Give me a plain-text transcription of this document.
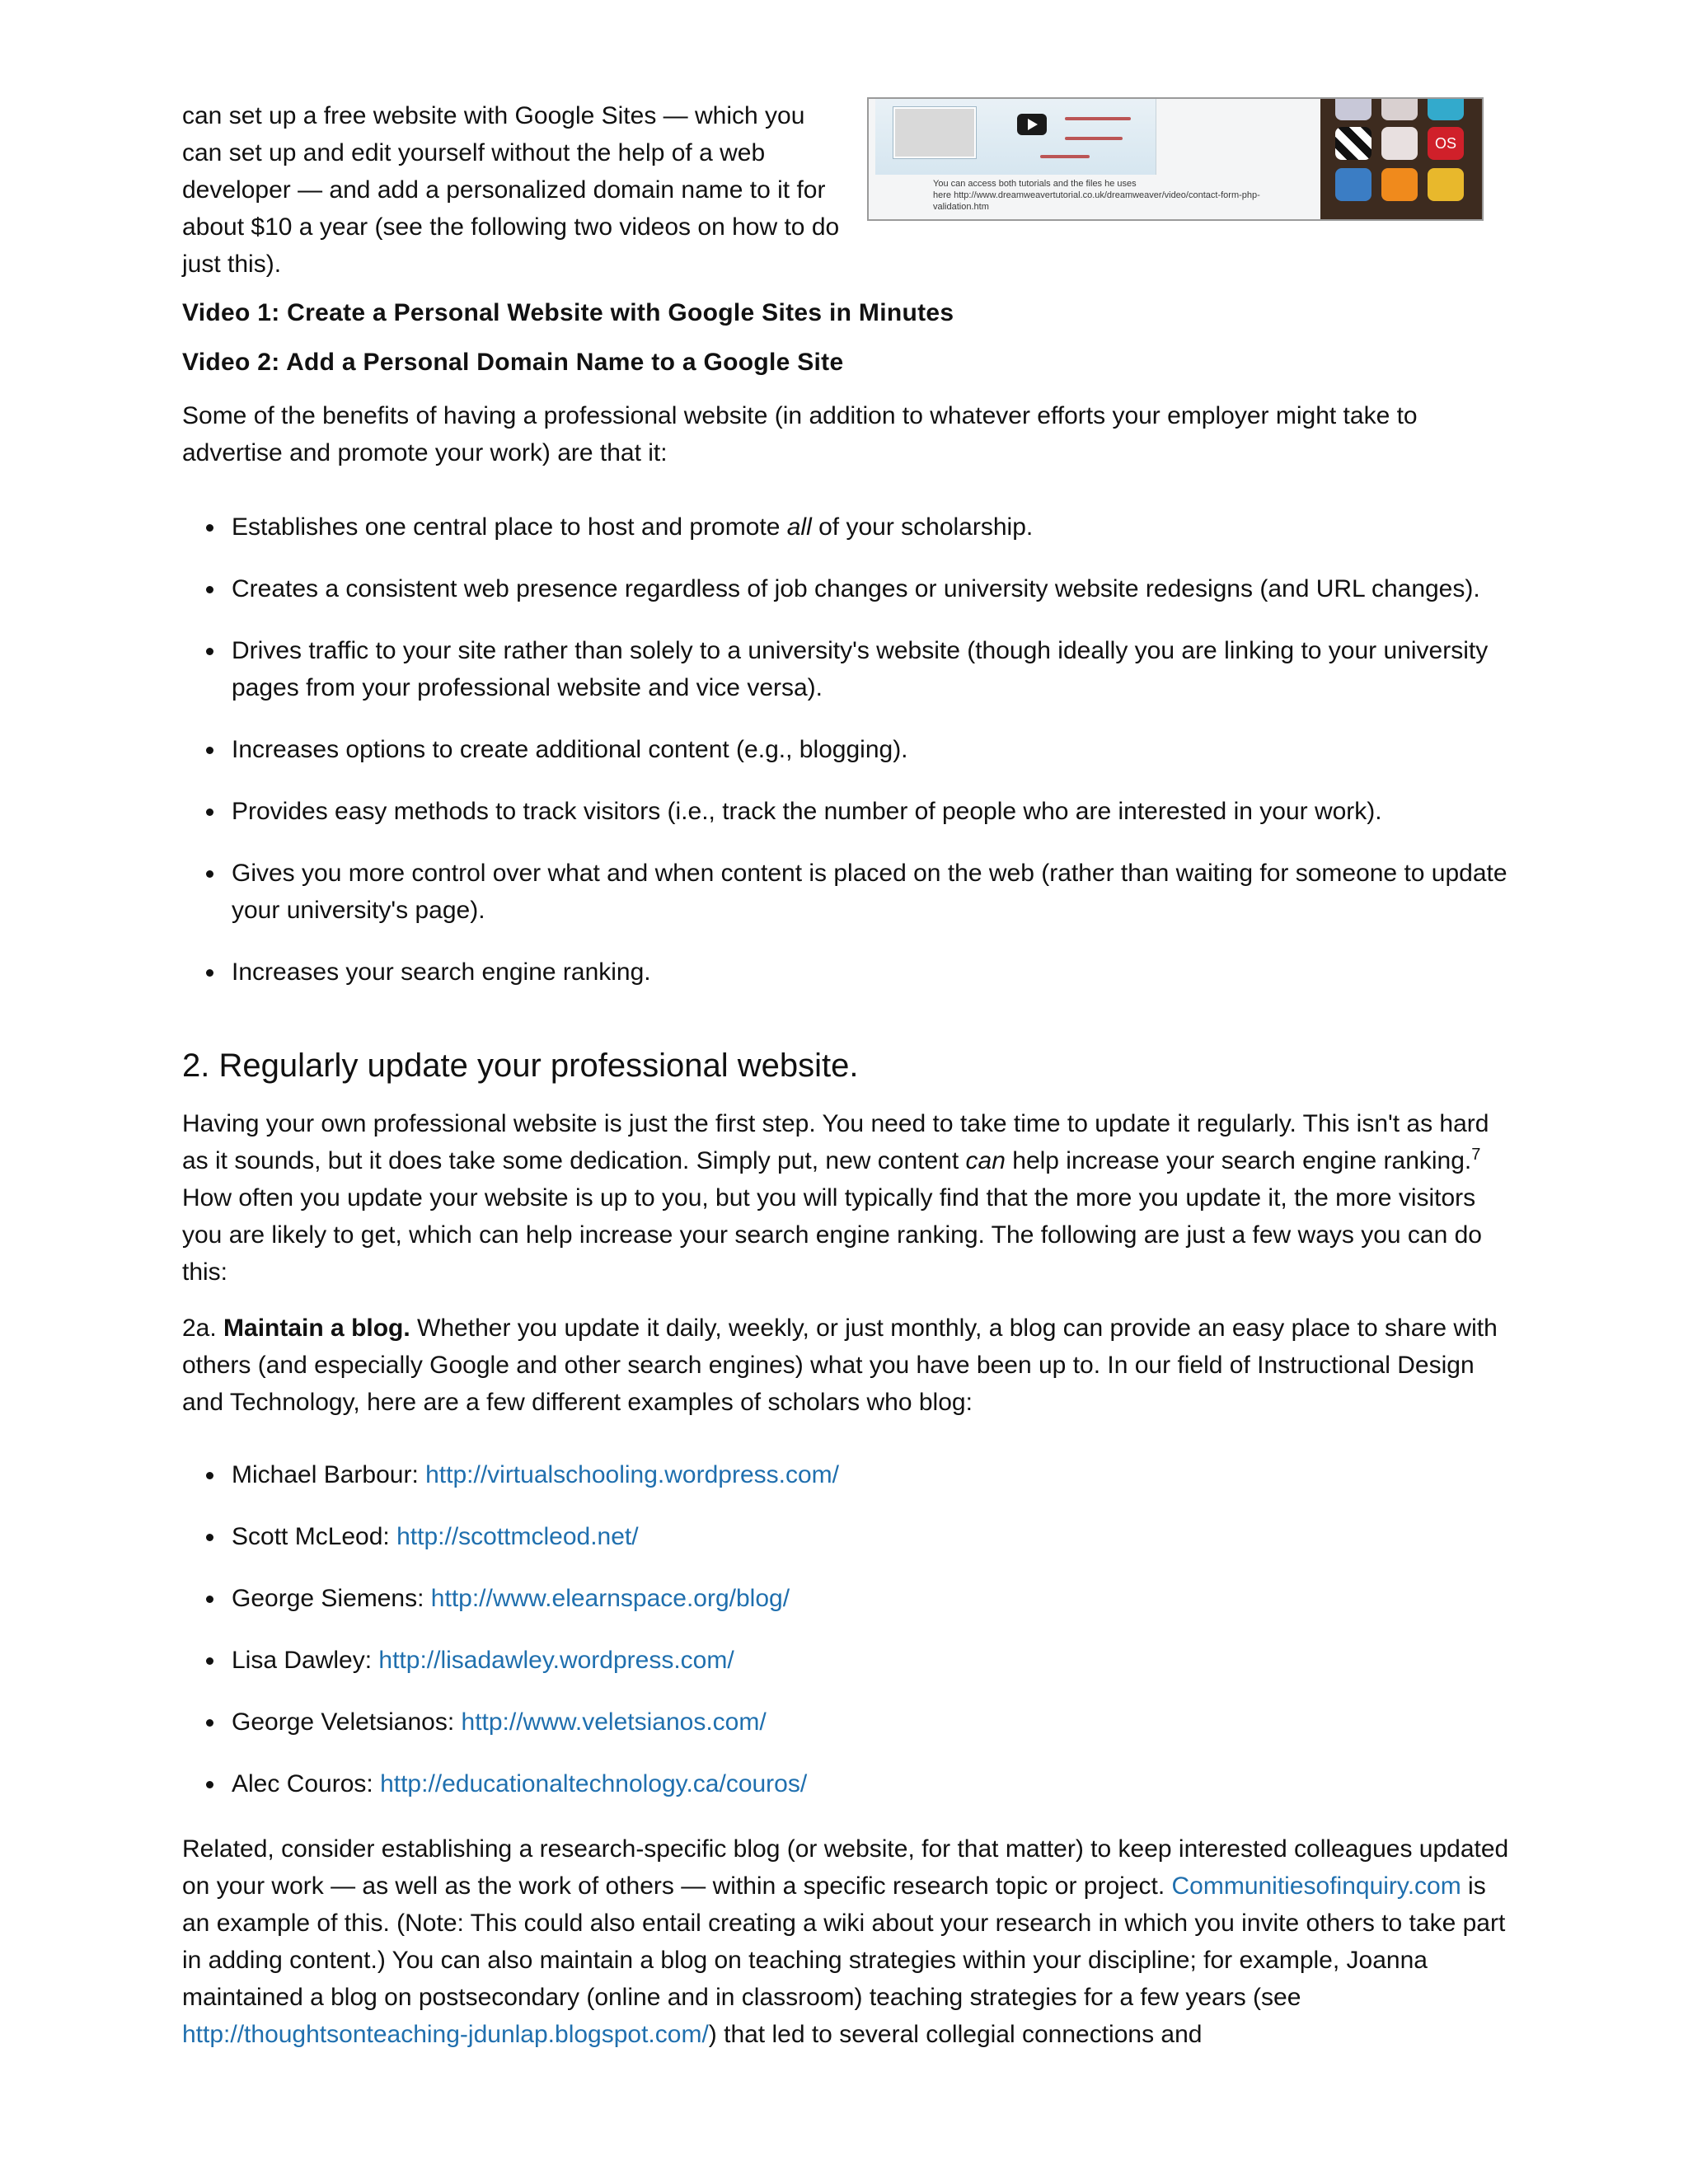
can set up a free website with Google Sites — which you can set up and edit yourself without the help of a web developer — and add a personalized domain name to it for about $10 a year (see the following two videos on how to do just this).

You can access both tutorials and the files he uses
here http://www.dreamweavertutorial.co.uk/dreamweaver/video/contact-form-php-
validation.htm
OS
Video 1: Create a Personal Website with Google Sites in Minutes
Video 2: Add a Personal Domain Name to a Google Site

Some of the benefits of having a professional website (in addition to whatever efforts your employer might take to advertise and promote your work) are that it:

Establishes one central place to host and promote all of your scholarship.
Creates a consistent web presence regardless of job changes or university website redesigns (and URL changes).
Drives traffic to your site rather than solely to a university's website (though ideally you are linking to your university pages from your professional website and vice versa).
Increases options to create additional content (e.g., blogging).
Provides easy methods to track visitors (i.e., track the number of people who are interested in your work).
Gives you more control over what and when content is placed on the web (rather than waiting for someone to update your university's page).
Increases your search engine ranking.
2. Regularly update your professional website.

Having your own professional website is just the first step. You need to take time to update it regularly. This isn't as hard as it sounds, but it does take some dedication. Simply put, new content can help increase your search engine ranking.$^7$ How often you update your website is up to you, but you will typically find that the more you update it, the more visitors you are likely to get, which can help increase your search engine ranking. The following are just a few ways you can do this:

2a. Maintain a blog. Whether you update it daily, weekly, or just monthly, a blog can provide an easy place to share with others (and especially Google and other search engines) what you have been up to. In our field of Instructional Design and Technology, here are a few different examples of scholars who blog:

Michael Barbour: http://virtualschooling.wordpress.com/
Scott McLeod: http://scottmcleod.net/
George Siemens: http://www.elearnspace.org/blog/
Lisa Dawley: http://lisadawley.wordpress.com/
George Veletsianos: http://www.veletsianos.com/
Alec Couros: http://educationaltechnology.ca/couros/

Related, consider establishing a research-specific blog (or website, for that matter) to keep interested colleagues updated on your work — as well as the work of others — within a specific research topic or project. Communitiesofinquiry.com is an example of this. (Note: This could also entail creating a wiki about your research in which you invite others to take part in adding content.) You can also maintain a blog on teaching strategies within your discipline; for example, Joanna maintained a blog on postsecondary (online and in classroom) teaching strategies for a few years (see http://thoughtsonteaching-jdunlap.blogspot.com/) that led to several collegial connections and
